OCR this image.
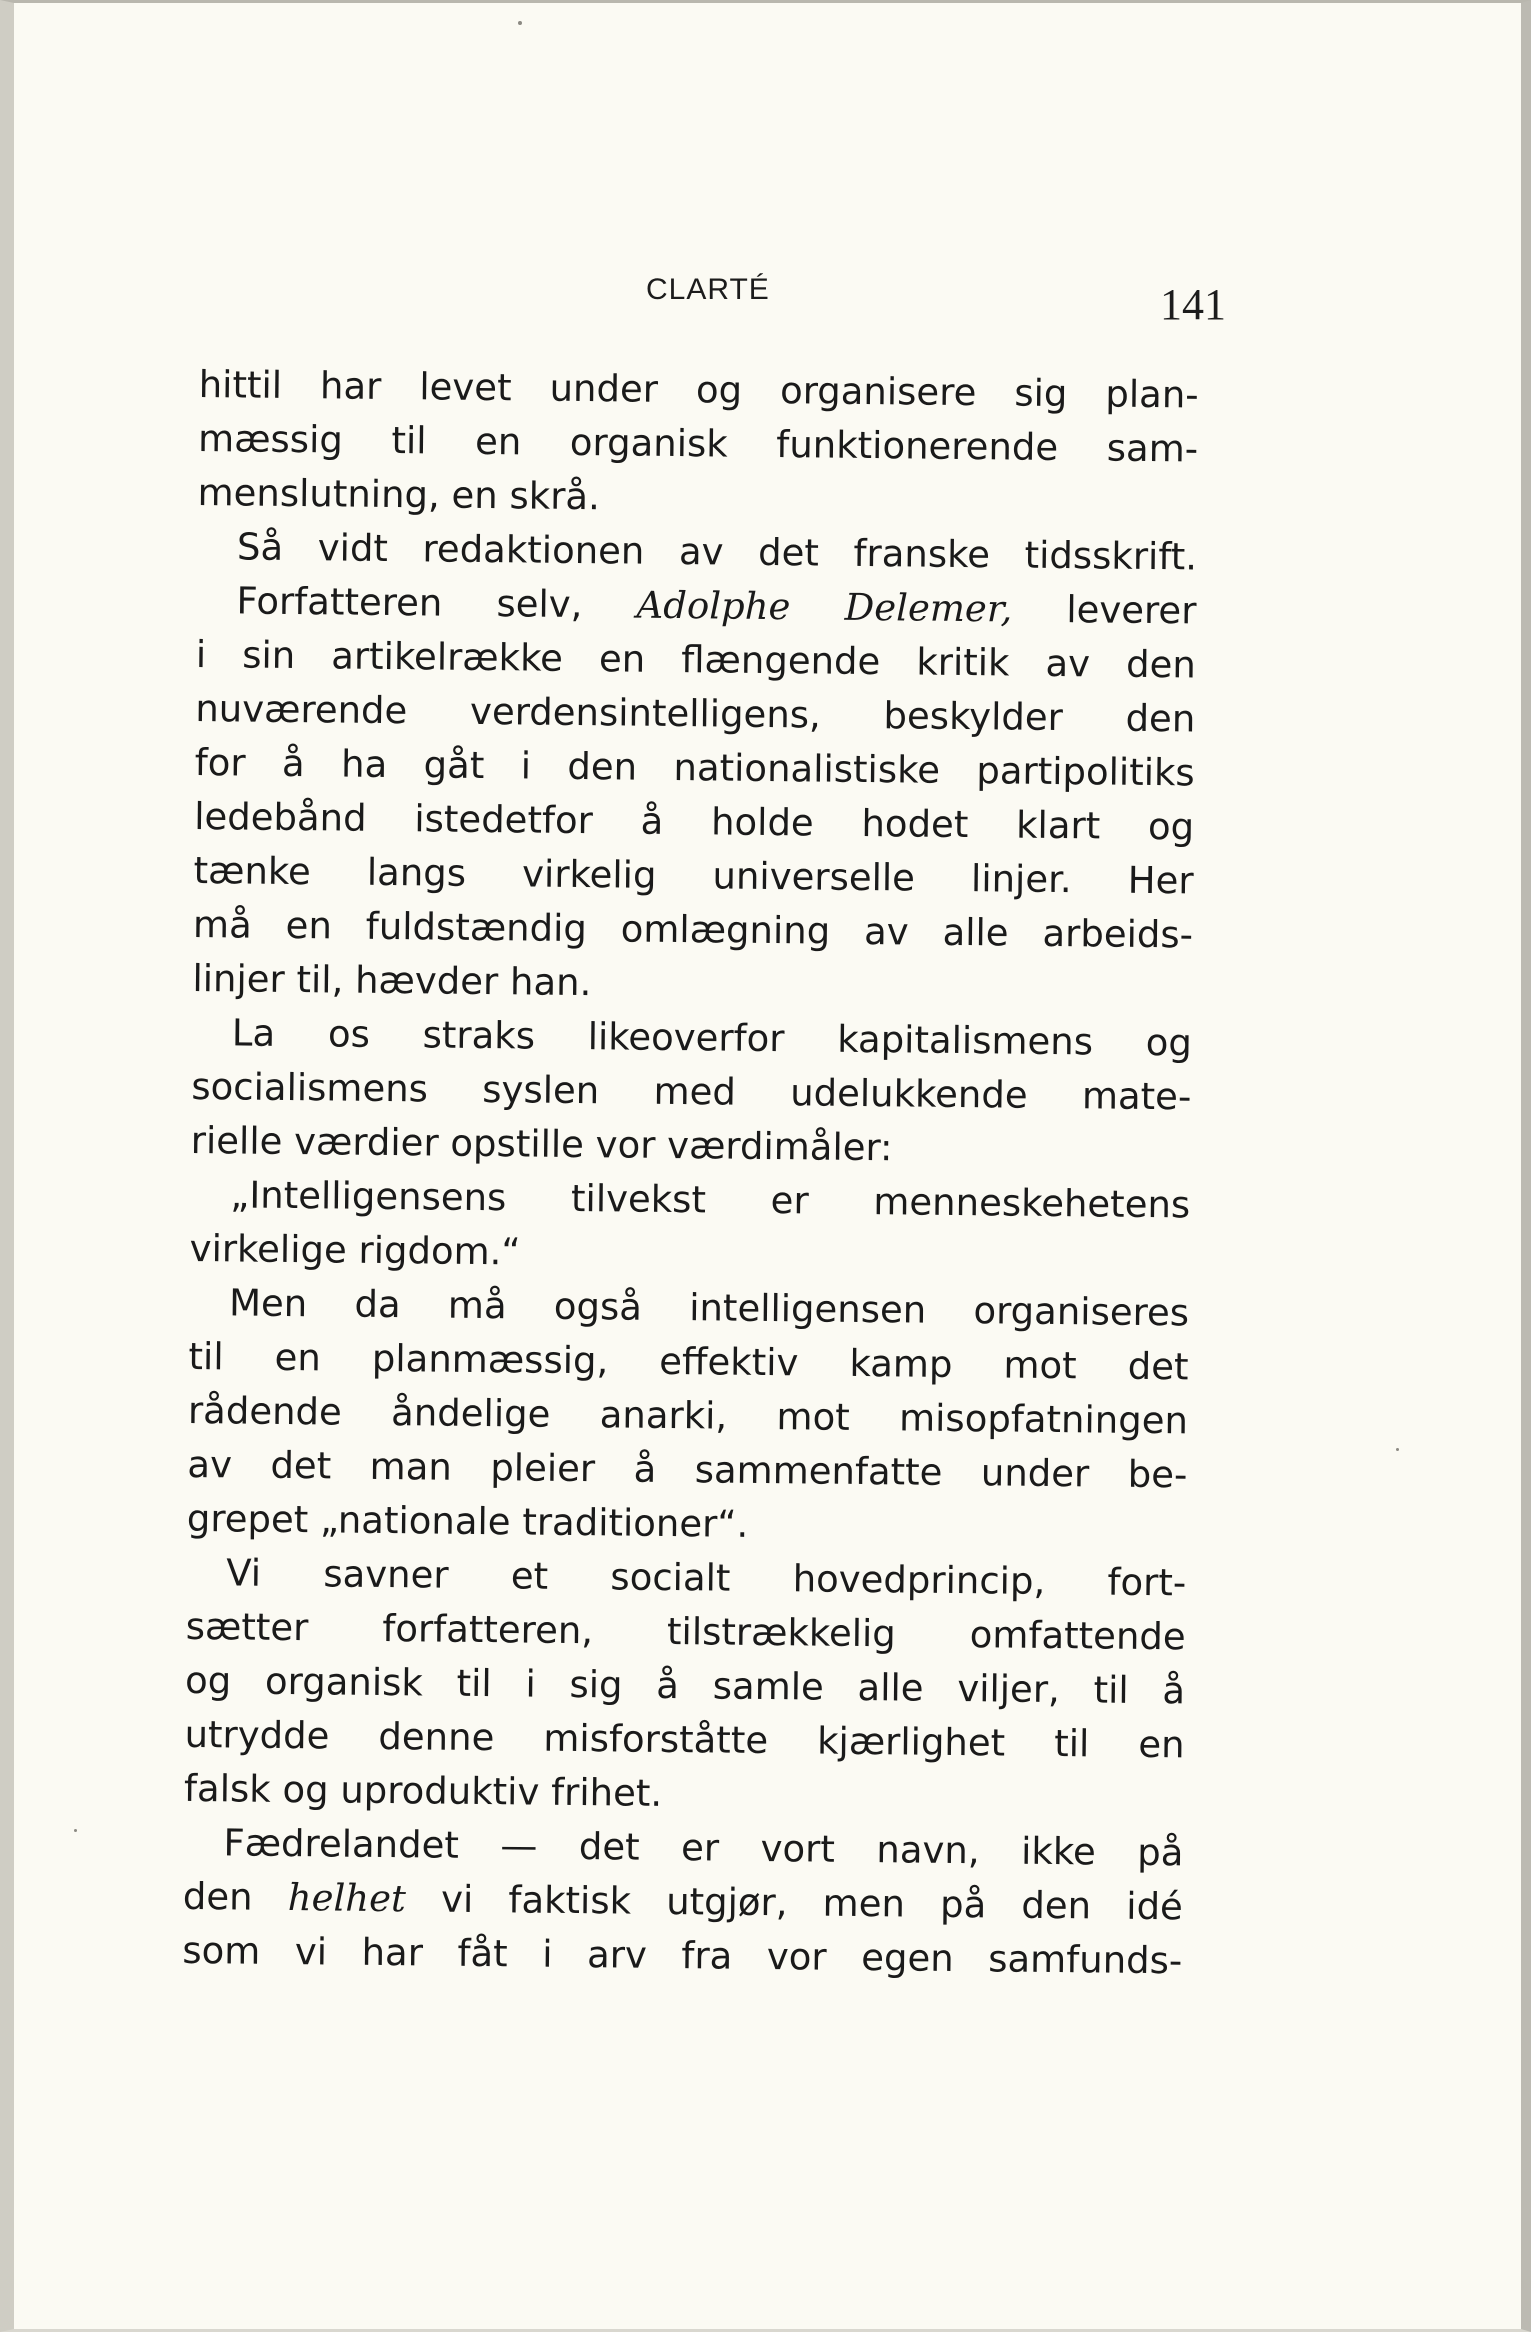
CLARTÉ	141
hittil har levet under og organisere sig plan-
mæssig til en organisk funktionerende sam-
menslutning, en skrå.
Så vidt redaktionen av det franske tidsskrift.
Forfatteren selv, Adolphe Delemer, leverer
i sin artikelrække en flængende kritik av den
nuværende verdensintelligens, beskylder den
for å ha gåt i den nationalistiske partipolitiks
ledebånd istedetfor å holde hodet klart og
tænke langs virkelig universelle linjer. Her
må en fuldstændig omlægning av alle arbeids-
linjer til, hævder han.
La os straks likeoverfor kapitalismens og
socialismens syslen med udelukkende mate-
rielle værdier opstille vor værdimåler:
„Intelligensens tilvekst er menneskehetens
virkelige rigdom.“
Men da må også intelligensen organiseres
til en planmæssig, effektiv kamp mot det
rådende åndelige anarki, mot misopfatningen
av det man pleier å sammenfatte under be-
grepet „nationale traditioner“.
Vi savner et socialt hovedprincip, fort-
sætter forfatteren, tilstrækkelig omfattende
og organisk til i sig å samle alle viljer, til å
utrydde denne misforståtte kjærlighet til en
falsk og uproduktiv frihet.
Fædrelandet — det er vort navn, ikke på
den helhet vi faktisk utgjør, men på den idé
som vi har fåt i arv fra vor egen samfunds-
